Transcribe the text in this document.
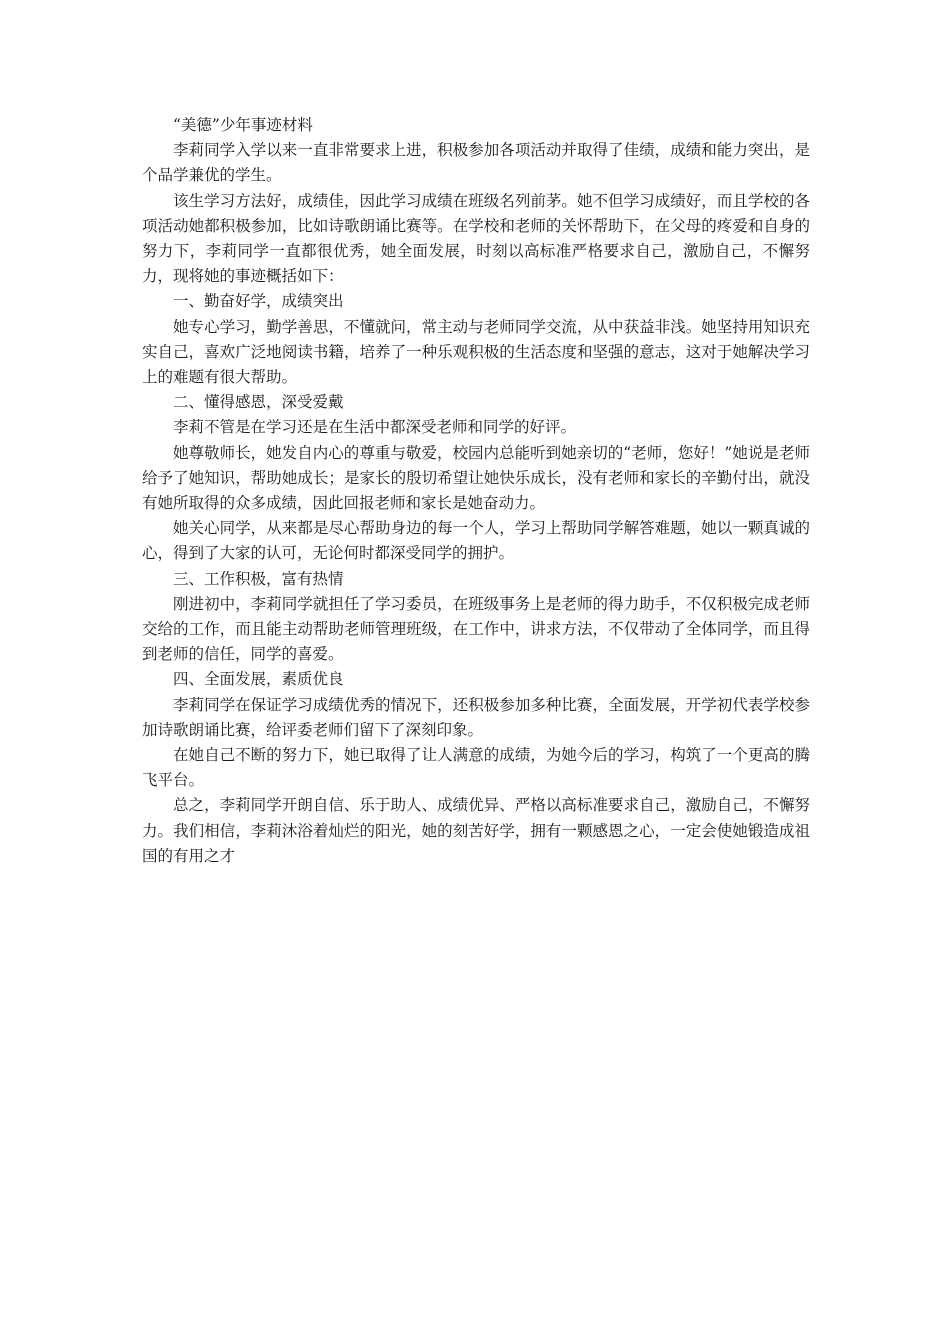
“美德”少年事迹材料

李莉同学入学以来一直非常要求上进，积极参加各项活动并取得了佳绩，成绩和能力突出，是个品学兼优的学生。

该生学习方法好，成绩佳，因此学习成绩在班级名列前茅。她不但学习成绩好，而且学校的各项活动她都积极参加，比如诗歌朗诵比赛等。在学校和老师的关怀帮助下，在父母的疼爱和自身的努力下，李莉同学一直都很优秀，她全面发展，时刻以高标准严格要求自己，激励自己，不懈努力，现将她的事迹概括如下：

一、勤奋好学，成绩突出

她专心学习，勤学善思，不懂就问，常主动与老师同学交流，从中获益非浅。她坚持用知识充实自己，喜欢广泛地阅读书籍，培养了一种乐观积极的生活态度和坚强的意志，这对于她解决学习上的难题有很大帮助。

二、懂得感恩，深受爱戴

李莉不管是在学习还是在生活中都深受老师和同学的好评。

她尊敬师长，她发自内心的尊重与敬爱，校园内总能听到她亲切的“老师，您好！”她说是老师给予了她知识，帮助她成长；是家长的殷切希望让她快乐成长，没有老师和家长的辛勤付出，就没有她所取得的众多成绩，因此回报老师和家长是她奋动力。

她关心同学，从来都是尽心帮助身边的每一个人，学习上帮助同学解答难题，她以一颗真诚的心，得到了大家的认可，无论何时都深受同学的拥护。

三、工作积极，富有热情

刚进初中，李莉同学就担任了学习委员，在班级事务上是老师的得力助手，不仅积极完成老师交给的工作，而且能主动帮助老师管理班级，在工作中，讲求方法，不仅带动了全体同学，而且得到老师的信任，同学的喜爱。

四、全面发展，素质优良

李莉同学在保证学习成绩优秀的情况下，还积极参加多种比赛，全面发展，开学初代表学校参加诗歌朗诵比赛，给评委老师们留下了深刻印象。

在她自己不断的努力下，她已取得了让人满意的成绩，为她今后的学习，构筑了一个更高的腾飞平台。

总之，李莉同学开朗自信、乐于助人、成绩优异、严格以高标准要求自己，激励自己，不懈努力。我们相信，李莉沐浴着灿烂的阳光，她的刻苦好学，拥有一颗感恩之心，一定会使她锻造成祖国的有用之才
